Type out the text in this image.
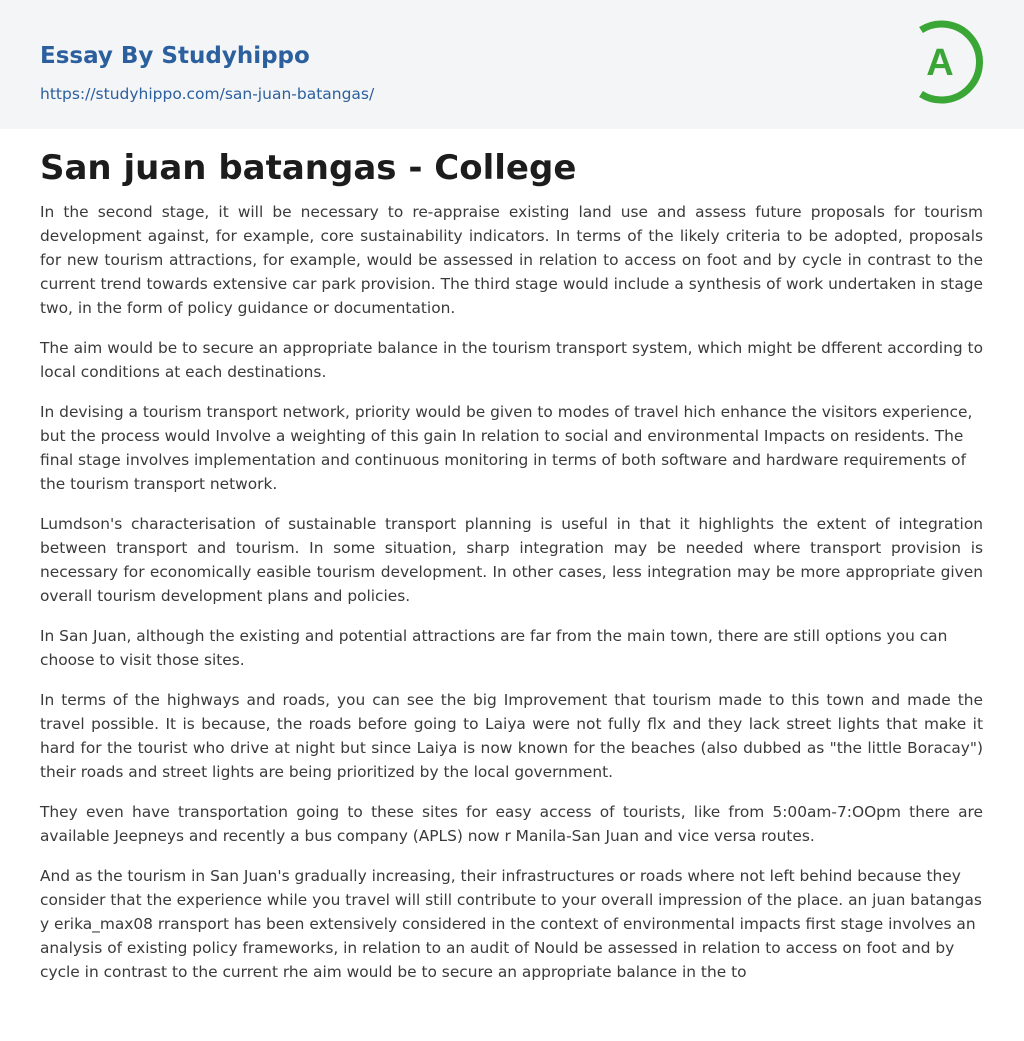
Essay By Studyhippo
https://studyhippo.com/san-juan-batangas/
A
San juan batangas - College

In the second stage, it will be necessary to re-appraise existing land use and assess future proposals for tourism development against, for example, core sustainability indicators. In terms of the likely criteria to be adopted, proposals for new tourism attractions, for example, would be assessed in relation to access on foot and by cycle in contrast to the current trend towards extensive car park provision. The third stage would include a synthesis of work undertaken in stage two, in the form of policy guidance or documentation.

The aim would be to secure an appropriate balance in the tourism transport system, which might be dfferent according to local conditions at each destinations.

In devising a tourism transport network, priority would be given to modes of travel hich enhance the visitors experience, but the process would Involve a weighting of this gain In relation to social and environmental Impacts on residents. The final stage involves implementation and continuous monitoring in terms of both software and hardware requirements of the tourism transport network.

Lumdson's characterisation of sustainable transport planning is useful in that it highlights the extent of integration between transport and tourism. In some situation, sharp integration may be needed where transport provision is necessary for economically easible tourism development. In other cases, less integration may be more appropriate given overall tourism development plans and policies.

In San Juan, although the existing and potential attractions are far from the main town, there are still options you can choose to visit those sites.

In terms of the highways and roads, you can see the big Improvement that tourism made to this town and made the travel possible. It is because, the roads before going to Laiya were not fully flx and they lack street lights that make it hard for the tourist who drive at night but since Laiya is now known for the beaches (also dubbed as "the little Boracay") their roads and street lights are being prioritized by the local government.

They even have transportation going to these sites for easy access of tourists, like from 5:00am-7:OOpm there are available Jeepneys and recently a bus company (APLS) now r Manila-San Juan and vice versa routes.

And as the tourism in San Juan's gradually increasing, their infrastructures or roads where not left behind because they consider that the experience while you travel will still contribute to your overall impression of the place. an juan batangas y erika_max08 rransport has been extensively considered in the context of environmental impacts first stage involves an analysis of existing policy frameworks, in relation to an audit of Nould be assessed in relation to access on foot and by cycle in contrast to the current rhe aim would be to secure an appropriate balance in the to
